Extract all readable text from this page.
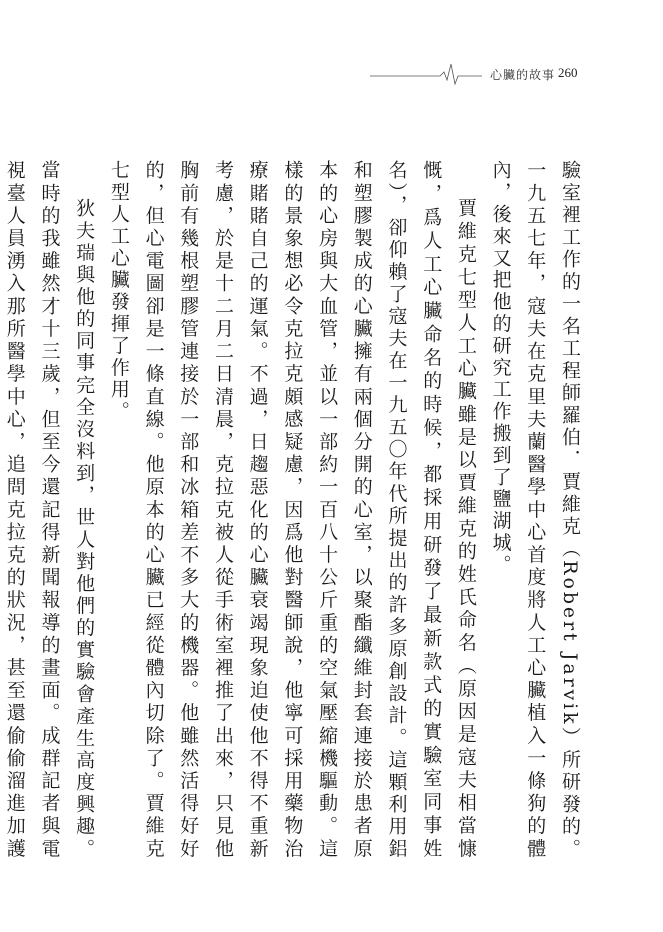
心臟的故事 260

驗室裡工作的一名工程師羅伯．賈維克（Robert Jarvik）所研發的。一九五七年，寇夫在克里夫蘭醫學中心首度將人工心臟植入一條狗的體內，後來又把他的研究工作搬到了鹽湖城。

賈維克七型人工心臟雖是以賈維克的姓氏命名（原因是寇夫相當慷慨，爲人工心臟命名的時候，都採用研發了最新款式的實驗室同事姓名），卻仰賴了寇夫在一九五〇年代所提出的許多原創設計。這顆利用鋁和塑膠製成的心臟擁有兩個分開的心室，以聚酯纖維封套連接於患者原本的心房與大血管，並以一部約一百八十公斤重的空氣壓縮機驅動。這樣的景象想必令克拉克頗感疑慮，因爲他對醫師說，他寧可採用藥物治療賭賭自己的運氣。不過，日趨惡化的心臟衰竭現象迫使他不得不重新考慮，於是十二月二日清晨，克拉克被人從手術室裡推了出來，只見他胸前有幾根塑膠管連接於一部和冰箱差不多大的機器。他雖然活得好好的，但心電圖卻是一條直線。他原本的心臟已經從體內切除了。賈維克七型人工心臟發揮了作用。

狄夫瑞與他的同事完全沒料到，世人對他們的實驗會產生高度興趣。當時的我雖然才十三歲，但至今還記得新聞報導的畫面。成群記者與電視臺人員湧入那所醫學中心，追問克拉克的狀況，甚至還偷偷溜進加護
